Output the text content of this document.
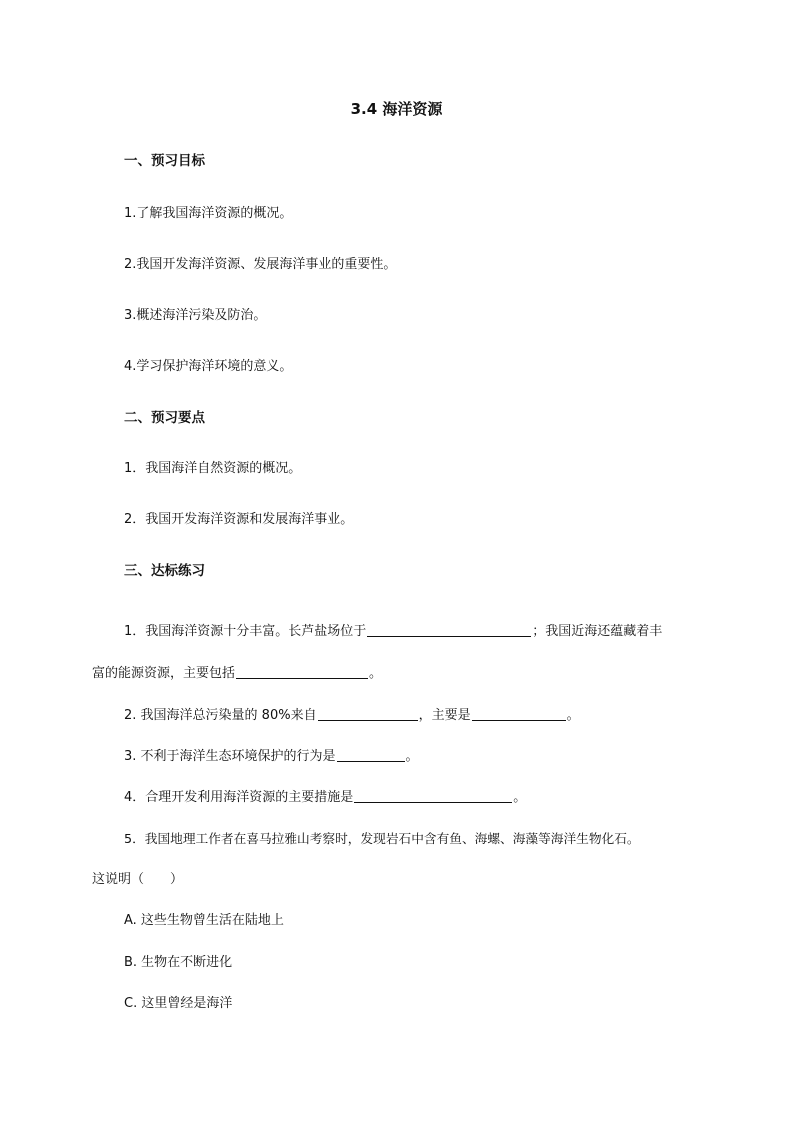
3.4 海洋资源
一、预习目标
1.了解我国海洋资源的概况。
2.我国开发海洋资源、发展海洋事业的重要性。
3.概述海洋污染及防治。
4.学习保护海洋环境的意义。
二、预习要点
1．我国海洋自然资源的概况。
2．我国开发海洋资源和发展海洋事业。
三、达标练习
1．我国海洋资源十分丰富。长芦盐场位于	；我国近海还蕴藏着丰
富的能源资源，主要包括	。
2. 我国海洋总污染量的 80%来自	，主要是	。
3. 不利于海洋生态环境保护的行为是	。
4．合理开发利用海洋资源的主要措施是	。
5．我国地理工作者在喜马拉雅山考察时，发现岩石中含有鱼、海螺、海藻等海洋生物化石。
这说明（　　）
A. 这些生物曾生活在陆地上
B. 生物在不断进化
C. 这里曾经是海洋
